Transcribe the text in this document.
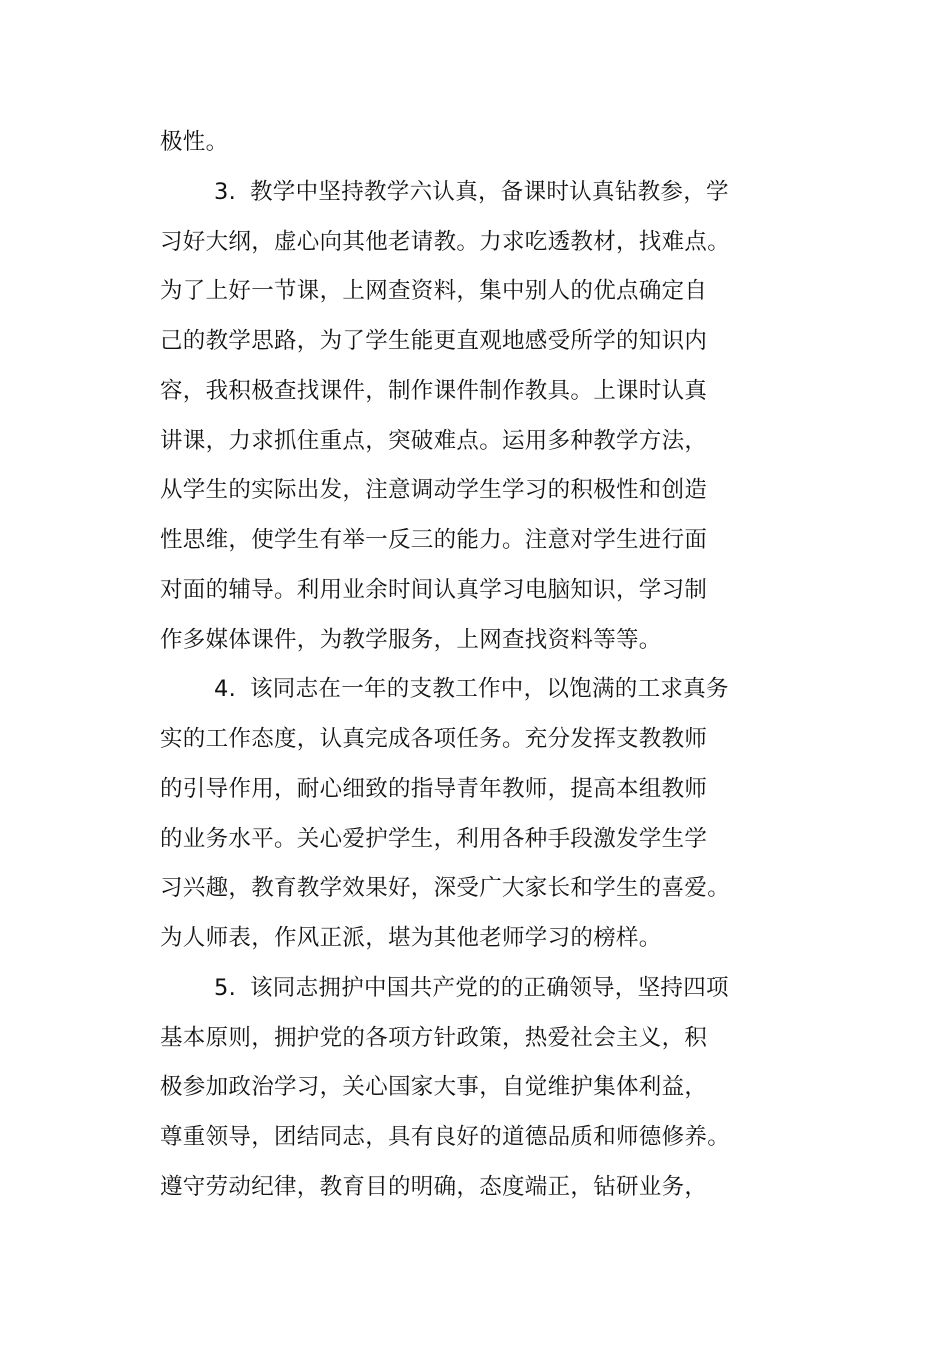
极性。
3. 教学中坚持教学六认真，备课时认真钻教参，学
习好大纲，虚心向其他老请教。力求吃透教材，找难点。
为了上好一节课，上网查资料，集中别人的优点确定自
己的教学思路，为了学生能更直观地感受所学的知识内
容，我积极查找课件，制作课件制作教具。上课时认真
讲课，力求抓住重点，突破难点。运用多种教学方法，
从学生的实际出发，注意调动学生学习的积极性和创造
性思维，使学生有举一反三的能力。注意对学生进行面
对面的辅导。利用业余时间认真学习电脑知识，学习制
作多媒体课件，为教学服务，上网查找资料等等。
4. 该同志在一年的支教工作中，以饱满的工求真务
实的工作态度，认真完成各项任务。充分发挥支教教师
的引导作用，耐心细致的指导青年教师，提高本组教师
的业务水平。关心爱护学生，利用各种手段激发学生学
习兴趣，教育教学效果好，深受广大家长和学生的喜爱。
为人师表，作风正派，堪为其他老师学习的榜样。
5. 该同志拥护中国共产党的的正确领导，坚持四项
基本原则，拥护党的各项方针政策，热爱社会主义，积
极参加政治学习，关心国家大事，自觉维护集体利益，
尊重领导，团结同志，具有良好的道德品质和师德修养。
遵守劳动纪律，教育目的明确，态度端正，钻研业务，
